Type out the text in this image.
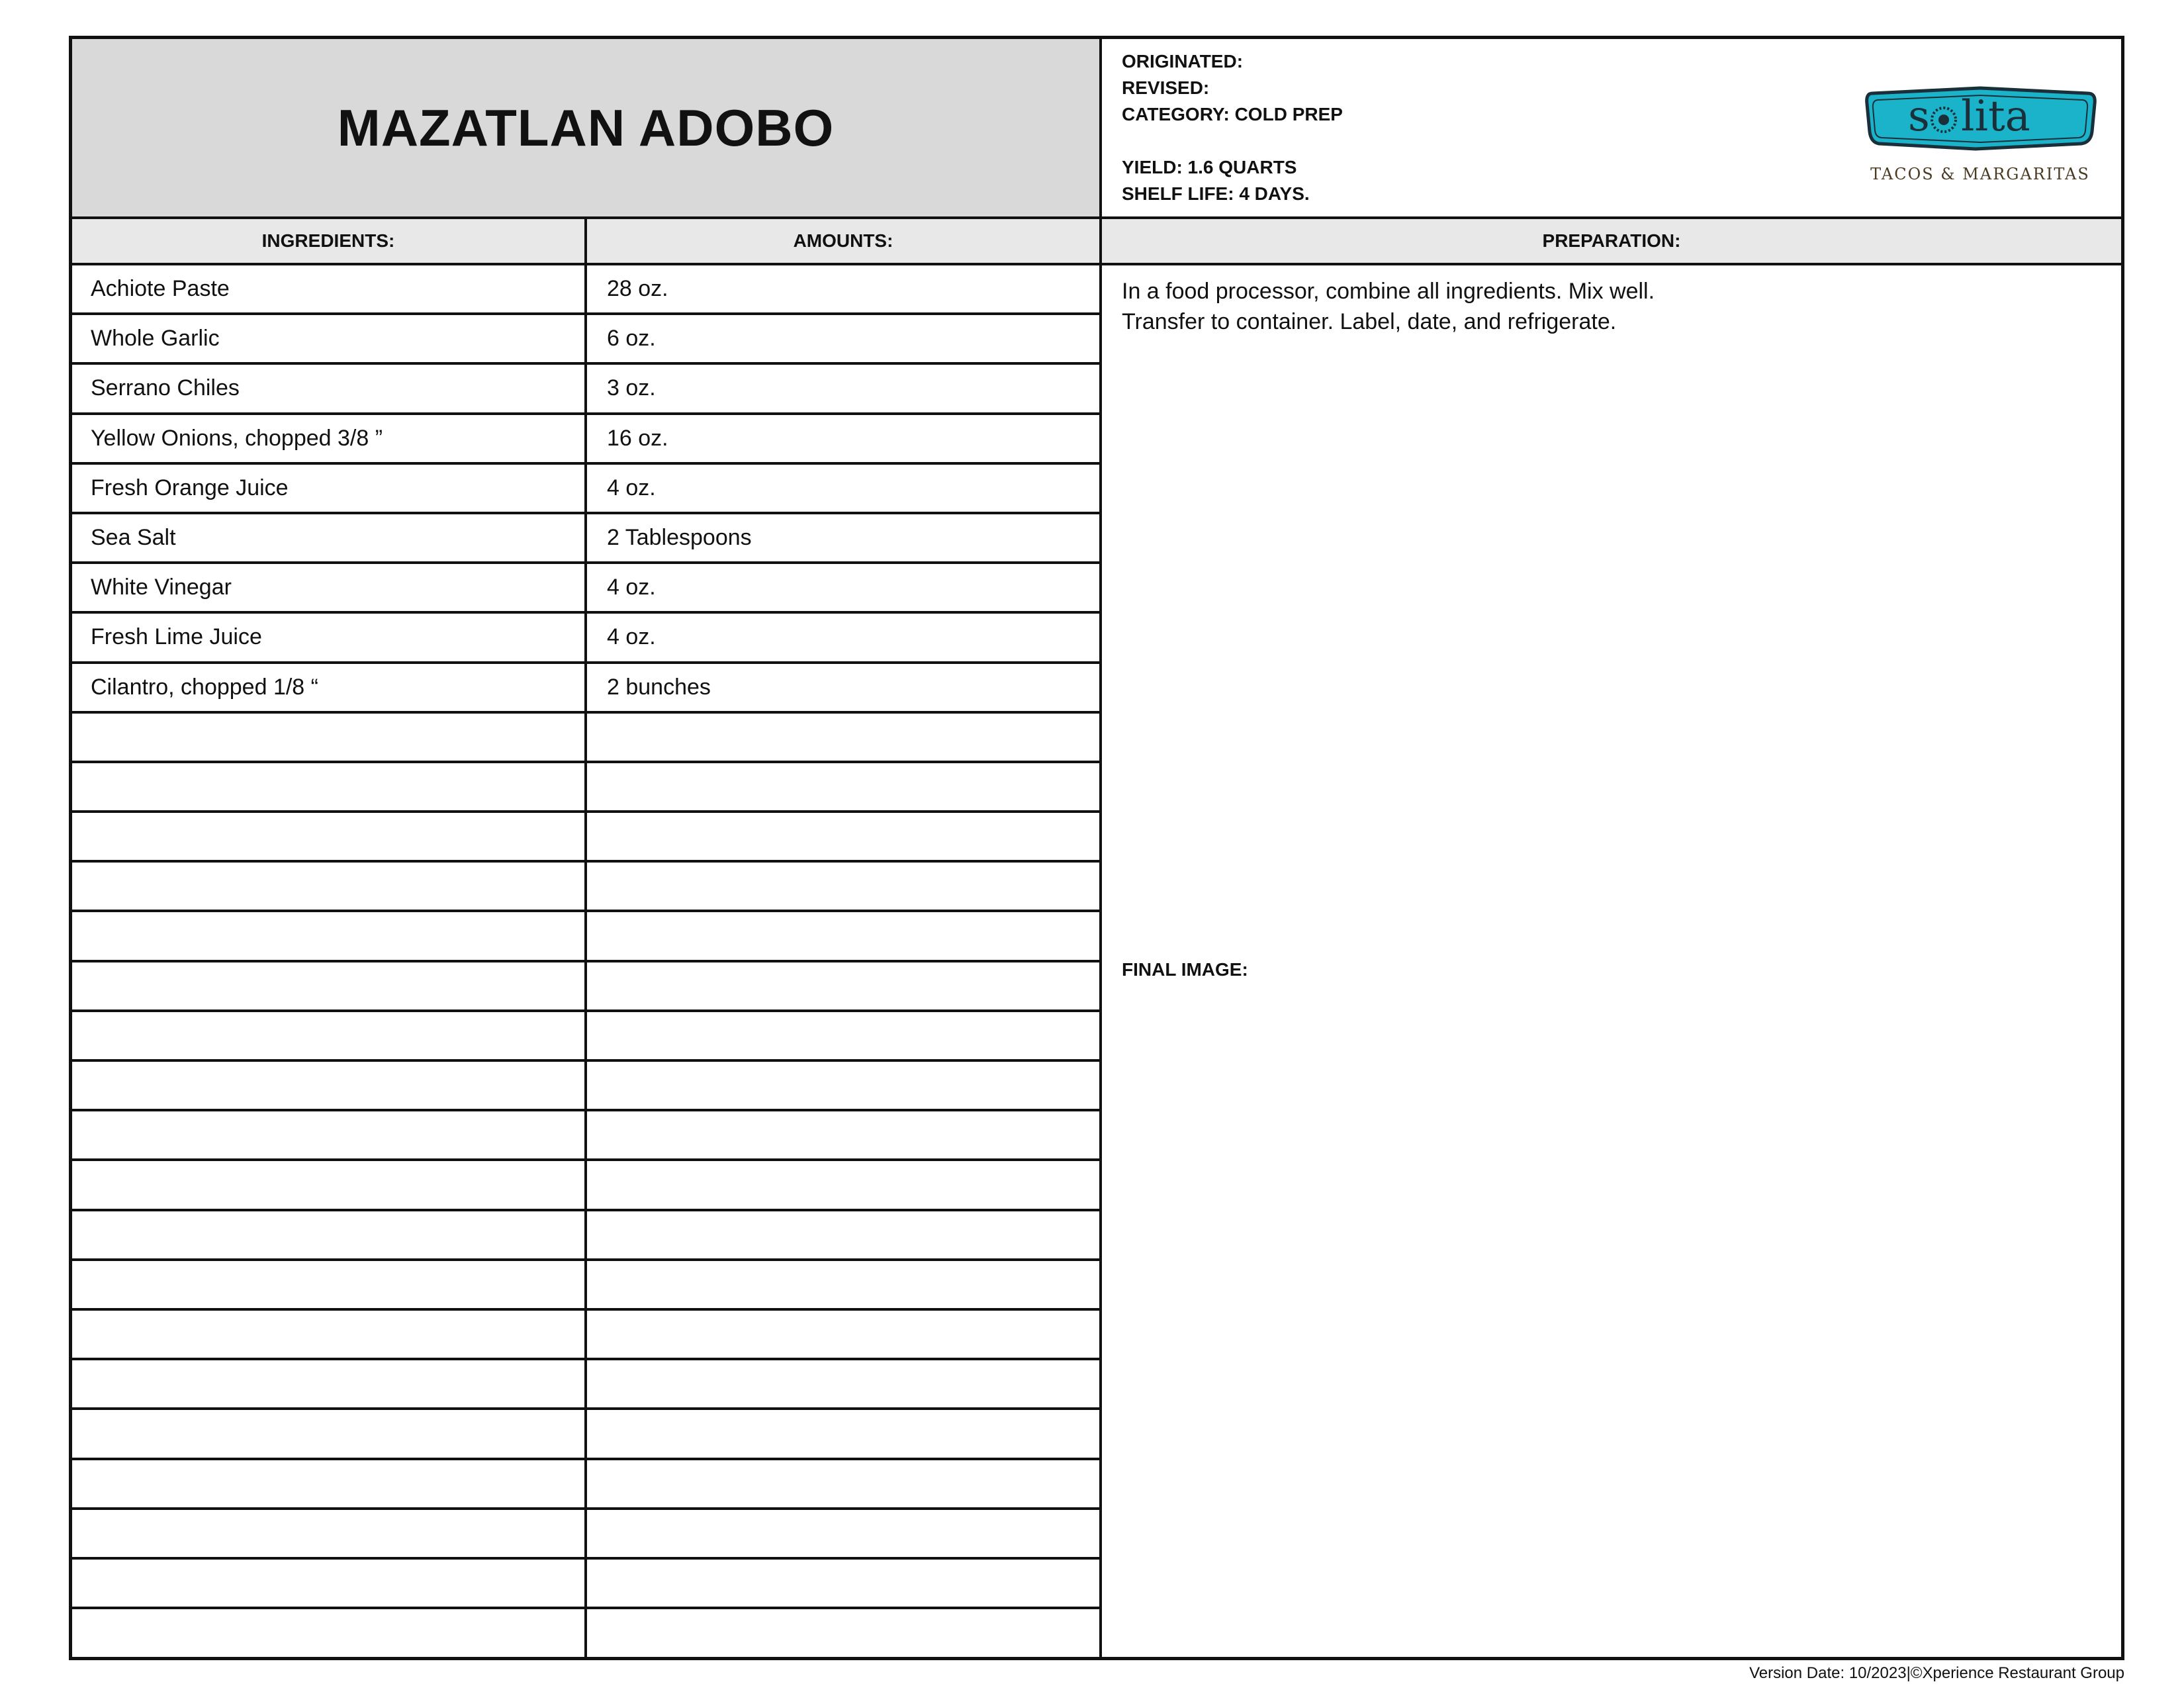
MAZATLAN ADOBO
ORIGINATED:
REVISED:
CATEGORY: COLD PREP
YIELD: 1.6 QUARTS
SHELF LIFE: 4 DAYS.
s lita
TACOS & MARGARITAS
INGREDIENTS:	AMOUNTS:	PREPARATION:
Achiote Paste	28 oz.
Whole Garlic	6 oz.
Serrano Chiles	3 oz.
Yellow Onions, chopped 3/8 ”	16 oz.
Fresh Orange Juice	4 oz.
Sea Salt	2 Tablespoons
White Vinegar	4 oz.
Fresh Lime Juice	4 oz.
Cilantro, chopped 1/8 “	2 bunches
In a food processor, combine all ingredients. Mix well.
Transfer to container. Label, date, and refrigerate.
FINAL IMAGE:
Version Date: 10/2023|©Xperience Restaurant Group
